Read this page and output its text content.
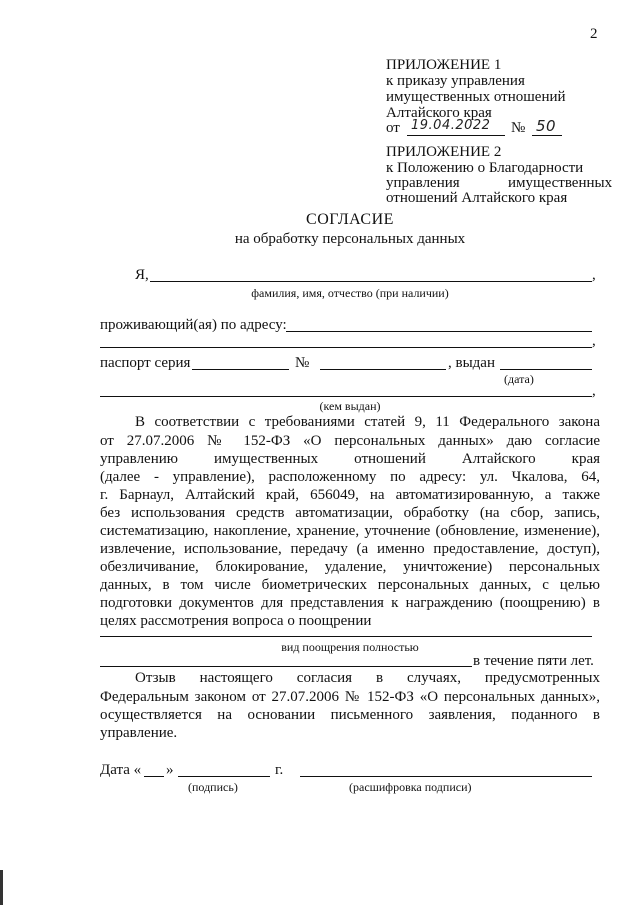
2
ПРИЛОЖЕНИЕ 1
к приказу управления
имущественных отношений
Алтайского края
от 19.04.2022 № 50
ПРИЛОЖЕНИЕ 2
к Положению о Благодарности
управления	имущественных
отношений Алтайского края
СОГЛАСИЕ
на обработку персональных данных
Я,	,
фамилия, имя, отчество (при наличии)
проживающий(ая) по адресу:
,
паспорт серия	№	, выдан
(дата)
,
(кем выдан)
В соответствии с требованиями статей 9, 11 Федерального закона
от 27.07.2006 № 152-ФЗ «О персональных данных» даю согласие
управлению имущественных отношений Алтайского края
(далее - управление), расположенному по адресу: ул. Чкалова, 64,
г. Барнаул, Алтайский край, 656049, на автоматизированную, а также
без использования средств автоматизации, обработку (на сбор, запись,
систематизацию, накопление, хранение, уточнение (обновление, изменение),
извлечение, использование, передачу (а именно предоставление, доступ),
обезличивание, блокирование, удаление, уничтожение) персональных
данных, в том числе биометрических персональных данных, с целью
подготовки документов для представления к награждению (поощрению) в
целях рассмотрения вопроса о поощрении
вид поощрения полностью
в течение пяти лет.
Отзыв настоящего согласия в случаях, предусмотренных
Федеральным законом от 27.07.2006 № 152-ФЗ «О персональных данных»,
осуществляется на основании письменного заявления, поданного в
управление.
Дата « »	г.
(подпись)	(расшифровка подписи)
